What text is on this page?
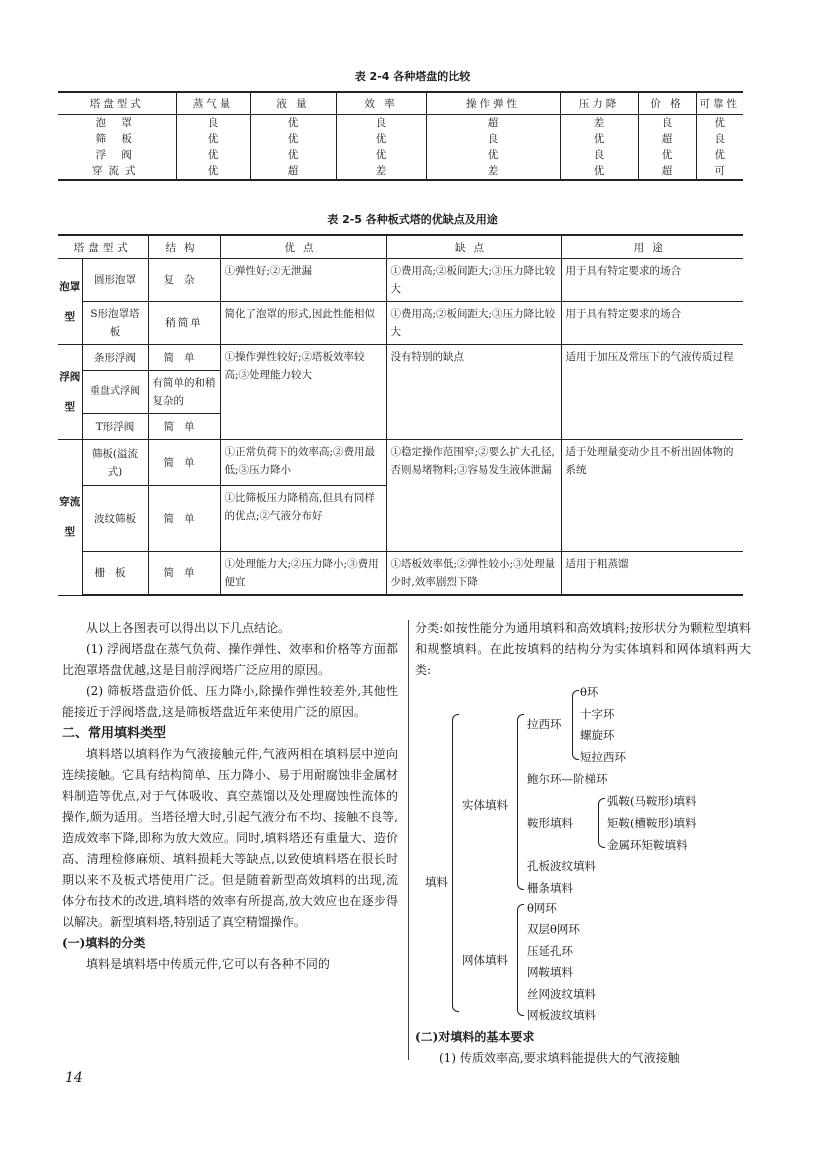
表 2-4 各种塔盘的比较
塔盘型式	蒸气量	液 量	效 率	操作弹性	压力降	价 格	可靠性
泡 罩	良	优	良	超	差	良	优
筛 板	优	优	优	良	优	超	良
浮 阀	优	优	优	优	良	优	优
穿流式	优	超	差	差	优	超	可
表 2-5 各种板式塔的优缺点及用途
塔盘型式		结构	优点	缺点	用途
泡罩型	圆形泡罩	复杂	①弹性好;②无泄漏	①费用高;②板间距大;③压力降比较大	用于具有特定要求的场合
	S形泡罩塔板	稍简单	简化了泡罩的形式,因此性能相似	①费用高;②板间距大;③压力降比较大	用于具有特定要求的场合
浮阀型	条形浮阀	简单	①操作弹性较好;②塔板效率较高;③处理能力较大	没有特别的缺点	适用于加压及常压下的气液传质过程
	重盘式浮阀	有简单的和稍复杂的			
	T形浮阀	简单			
穿流型	筛板(溢流式)	简单	①正常负荷下的效率高;②费用最低;③压力降小	①稳定操作范围窄;②要么扩大孔径,否则易堵物料;③容易发生液体泄漏	适于处理量变动少且不析出固体物的系统
	波纹筛板	简单	①比筛板压力降稍高,但具有同样的优点;②气液分布好		
	栅板	简单	①处理能力大;②压力降小;③费用便宜	①塔板效率低;②弹性较小;③处理量少时,效率剧烈下降	适用于粗蒸馏

从以上各图表可以得出以下几点结论。

(1) 浮阀塔盘在蒸气负荷、操作弹性、效率和价格等方面都比泡罩塔盘优越,这是目前浮阀塔广泛应用的原因。

(2) 筛板塔盘造价低、压力降小,除操作弹性较差外,其他性能接近于浮阀塔盘,这是筛板塔盘近年来使用广泛的原因。

二、常用填料类型

填料塔以填料作为气液接触元件,气液两相在填料层中逆向连续接触。它具有结构简单、压力降小、易于用耐腐蚀非金属材料制造等优点,对于气体吸收、真空蒸馏以及处理腐蚀性流体的操作,颇为适用。当塔径增大时,引起气液分布不均、接触不良等,造成效率下降,即称为放大效应。同时,填料塔还有重量大、造价高、清理检修麻烦、填料损耗大等缺点,以致使填料塔在很长时期以来不及板式塔使用广泛。但是随着新型高效填料的出现,流体分布技术的改进,填料塔的效率有所提高,放大效应也在逐步得以解决。新型填料塔,特别适了真空精馏操作。

(一)填料的分类

填料是填料塔中传质元件,它可以有各种不同的

分类:如按性能分为通用填料和高效填料;按形状分为颗粒型填料和规整填料。在此按填料的结构分为实体填料和网体填料两大类:

填料
实体填料
拉西环
θ环
十字环
螺旋环
短拉西环
鲍尔环—阶梯环
鞍形填料
弧鞍(马鞍形)填料
矩鞍(槽鞍形)填料
金属环矩鞍填料
孔板波纹填料
栅条填料
网体填料
θ网环
双层θ网环
压延孔环
网鞍填料
丝网波纹填料
网板波纹填料

(二)对填料的基本要求

(1) 传质效率高,要求填料能提供大的气液接触

14
